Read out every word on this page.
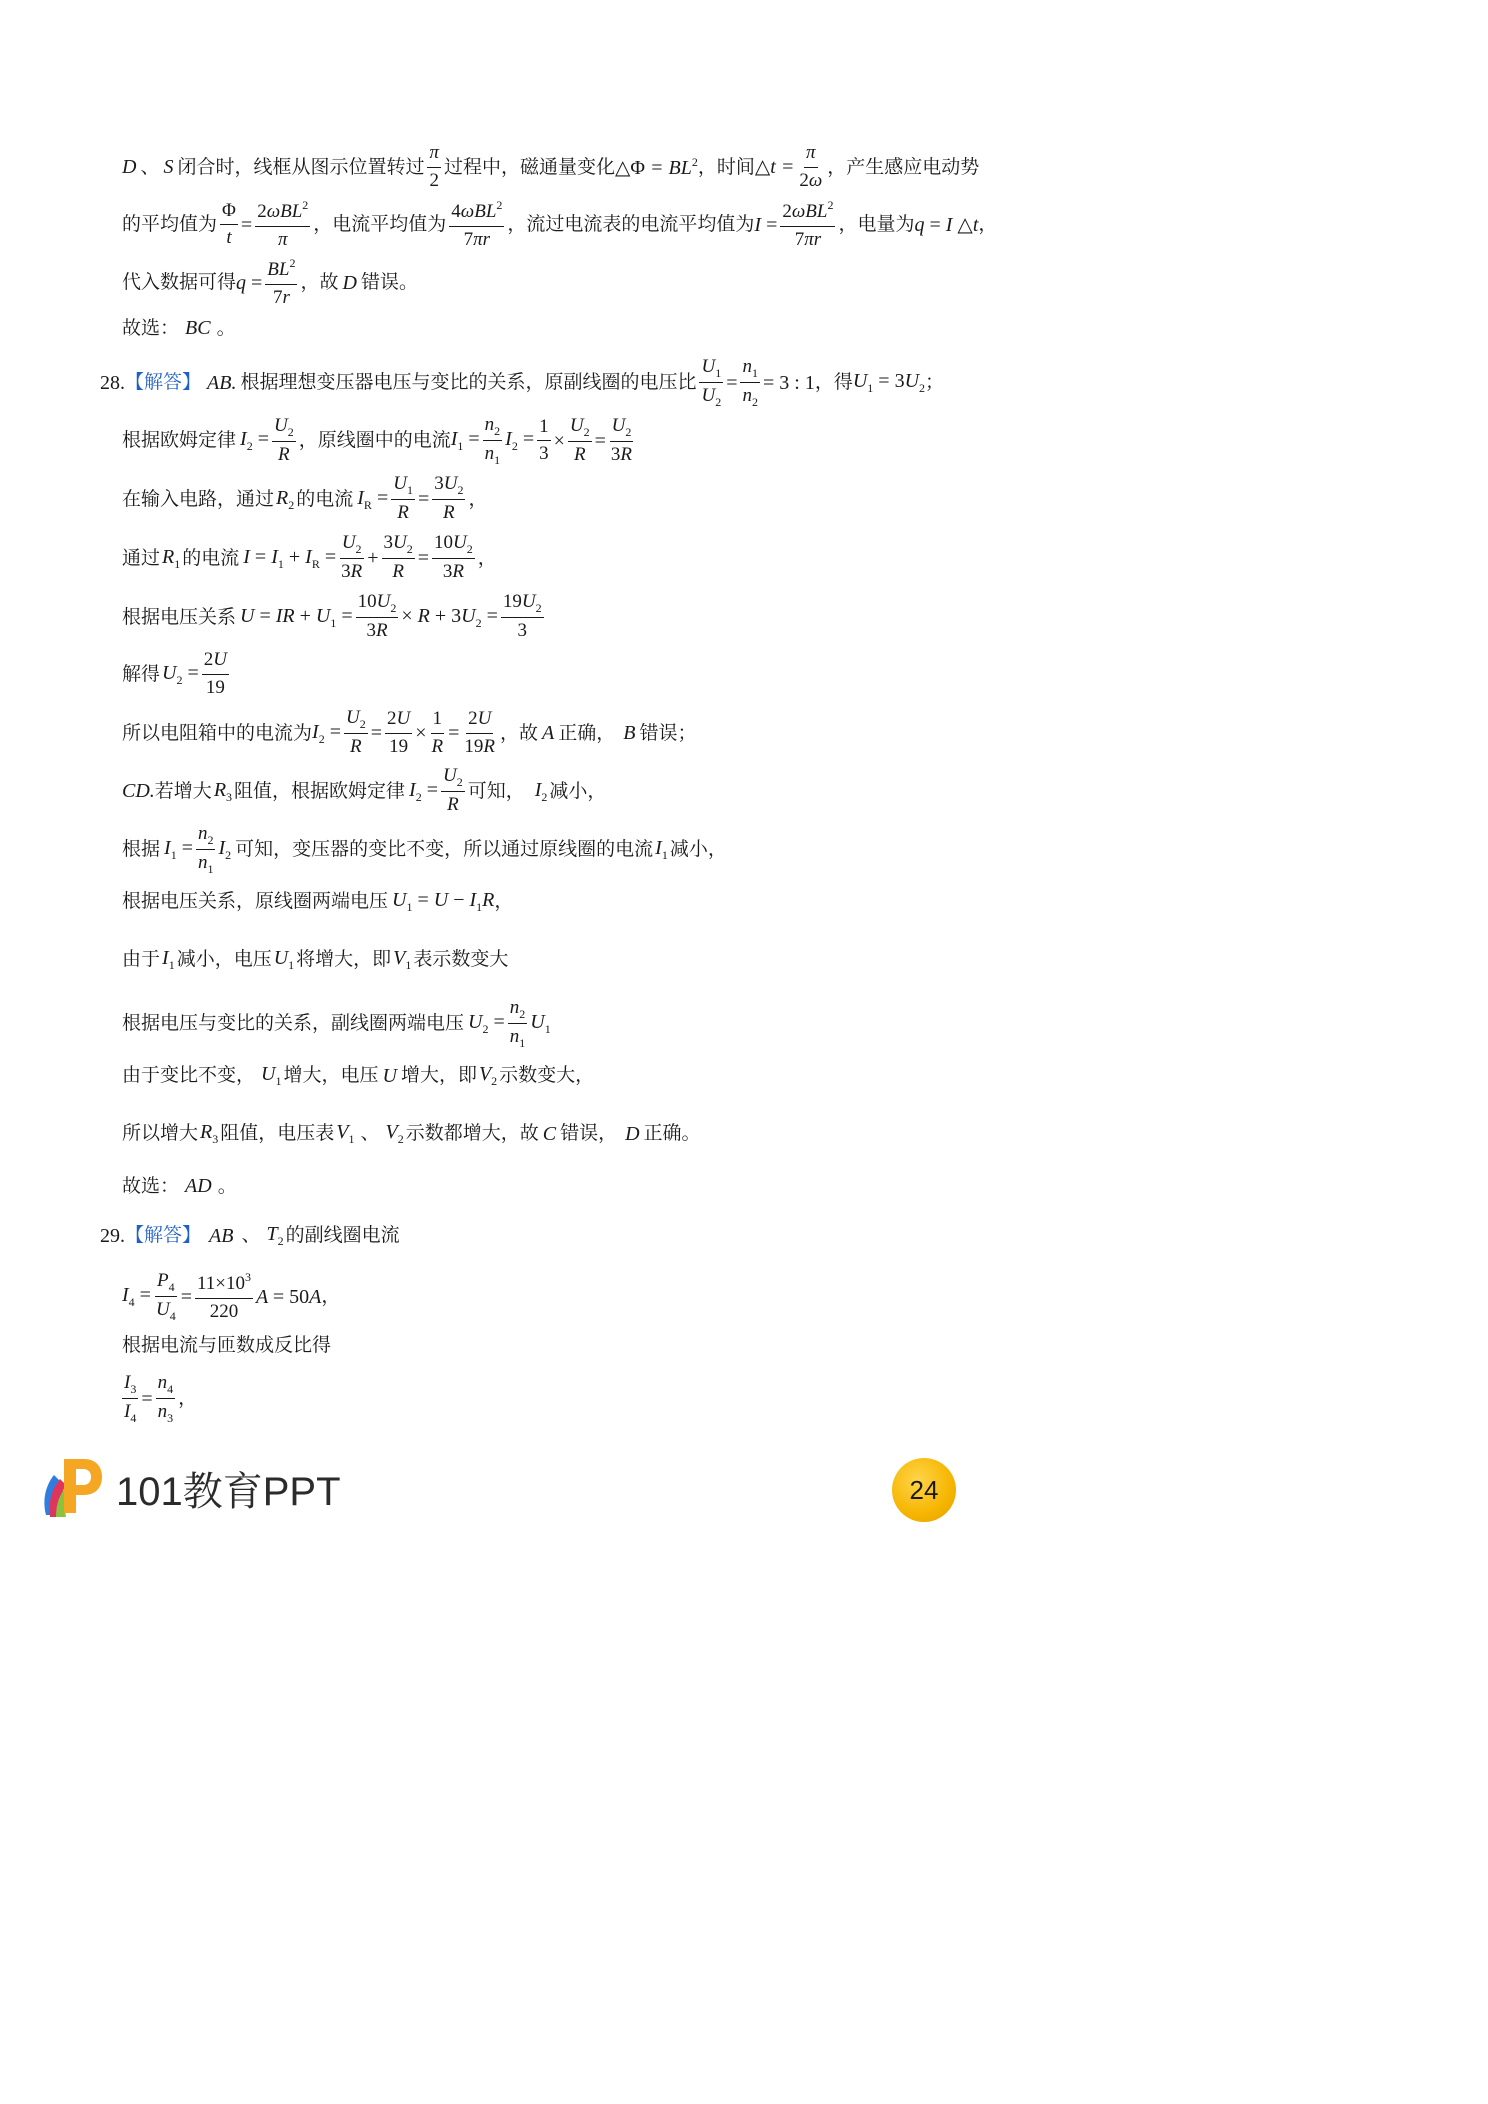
D 、 S 闭合时，线框从图示位置转过 $\frac{\pi}{2}$ 过程中，磁通量变化 △Φ = $BL^2$ ，时间 △t = $\frac{\pi}{2\omega}$ ，产生感应电动势
的平均值为 $\frac{\Phi}{t} = \frac{2\omega BL^2}{\pi}$ ，电流平均值为 $\frac{4\omega BL^2}{7\pi r}$ ，流过电流表的电流平均值为 $I = \frac{2\omega BL^2}{7\pi r}$ ，电量为 q = I △t ，
代入数据可得 $q = \frac{BL^2}{7r}$ ，故 D 错误。
故选： BC 。
28. 【解答】 AB. 根据理想变压器电压与变比的关系，原副线圈的电压比 $\frac{U_1}{U_2} = \frac{n_1}{n_2} = 3$ : 1 ，得 $U_1 = 3U_2$ ；
根据欧姆定律 $I_2 = \frac{U_2}{R}$ ，原线圈中的电流 $I_1 = \frac{n_2}{n_1} I_2 = \frac{1}{3} \times \frac{U_2}{R} = \frac{U_2}{3R}$
在输入电路，通过 $R_2$ 的电流 $I_R = \frac{U_1}{R} = \frac{3U_2}{R}$ ，
通过 $R_1$ 的电流 $I = I_1 + I_R = \frac{U_2}{3R} + \frac{3U_2}{R} = \frac{10U_2}{3R}$ ，
根据电压关系 U = IR + $U_1 = \frac{10U_2}{3R} \times R + 3U_2 = \frac{19U_2}{3}$
解得 $U_2 = \frac{2U}{19}$
所以电阻箱中的电流为 $I_2 = \frac{U_2}{R} = \frac{2U}{19} \times \frac{1}{R} = \frac{2U}{19R}$ ，故 A 正确， B 错误；
CD. 若增大 $R_3$ 阻值，根据欧姆定律 $I_2 = \frac{U_2}{R}$ 可知， $I_2$ 减小，
根据 $I_1 = \frac{n_2}{n_1} I_2$ 可知，变压器的变比不变，所以通过原线圈的电流 $I_1$ 减小，
根据电压关系，原线圈两端电压 $U_1 = U - I_1R$ ，
由于 $I_1$ 减小，电压 $U_1$ 将增大，即 $V_1$ 表示数变大
根据电压与变比的关系，副线圈两端电压 $U_2 = \frac{n_2}{n_1} U_1$
由于变比不变， $U_1$ 增大，电压 U 增大，即 $V_2$ 示数变大，
所以增大 $R_3$ 阻值，电压表 $V_1$ 、 $V_2$ 示数都增大，故 C 错误， D 正确。
故选： AD 。
29. 【解答】 AB 、 $T_2$ 的副线圈电流
$I_4 = \frac{P_4}{U_4} = \frac{11\times 10^3}{220}$ A = 50A ，
根据电流与匝数成反比得
$\frac{I_3}{I_4} = \frac{n_4}{n_3}$ ，
101教育PPT	24
